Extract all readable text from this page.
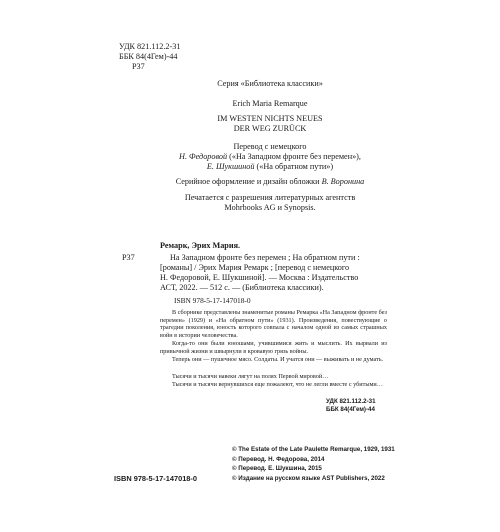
УДК 821.112.2-31
ББК 84(4Гем)-44
Р37
Серия «Библиотека классики»
Erich Maria Remarque
IM WESTEN NICHTS NEUES
DER WEG ZURÜCK
Перевод с немецкого
Н. Федоровой («На Западном фронте без перемен»),
Е. Шукшиной («На обратном пути»)
Серийное оформление и дизайн обложки В. Воронина
Печатается с разрешения литературных агентств
Mohrbooks AG и Synopsis.
Р37
Ремарк, Эрих Мария.
На Западном фронте без перемен ; На обратном пути :
[романы] / Эрих Мария Ремарк ; [перевод с немецкого
Н. Федоровой, Е. Шукшиной]. — Москва : Издательство
АСТ, 2022. — 512 с. — (Библиотека классики).
ISBN 978-5-17-147018-0
В сборнике представлены знаменитые романы Ремарка «На Западном фронте без перемен» (1929) и «На обратном пути» (1931). Произведения, повествующие о трагедии поколения, юность которого совпала с началом одной из самых страшных войн в истории человечества.
Когда-то они были юношами, учившимися жить и мыслить. Их вырвали из привычной жизни и швырнули в кровавую грязь войны.
Теперь они — пушечное мясо. Солдаты. И учатся они — выживать и не думать.
Тысячи и тысячи навеки лягут на полях Первой мировой…
Тысячи и тысячи вернувшихся еще пожалеют, что не легли вместе с убитыми…
УДК 821.112.2-31
ББК 84(4Гем)-44
© The Estate of the Late Paulette Remarque, 1929, 1931
© Перевод. Н. Федорова, 2014
© Перевод. Е. Шукшина, 2015
© Издание на русском языке AST Publishers, 2022
ISBN 978-5-17-147018-0
